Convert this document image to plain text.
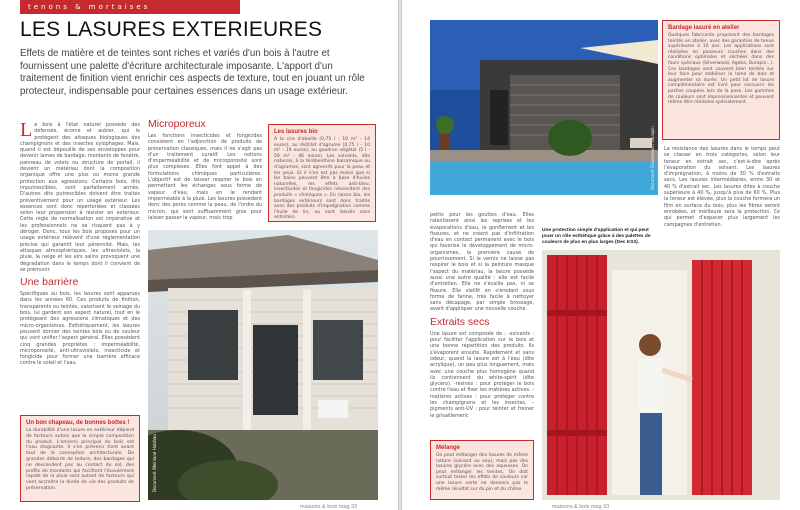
tenons & mortaises
LES LASURES EXTERIEURES

Effets de matière et de teintes sont riches et variés d'un bois à l'autre et fournissent une palette d'écriture architecturale imposante. L'apport d'un traitement de finition vient enrichir ces aspects de texture, tout en jouant un rôle protecteur, indispensable pour certaines essences dans un usage extérieur.

Le bois à l'état naturel possède des défenses, écorce et aubier, qui le protègent des attaques biologiques des champignons et des insectes xylophages. Mais, quand il est dépouillé de ses enveloppes pour devenir lames de bardage, montants de fenêtre, panneau de volets ou structure de portail, il devient un matériau dont la composition organique offre une plus ou moins grande protection aux agressions. Certains bois, dits imputrescibles, sont parfaitement armés. D'autres dits putrescibles doivent être traités préventivement pour un usage extérieur. Les essences sont donc répertoriées et classées selon leur propension à résister en extérieur. Cette règle de normalisation est impérative et les professionnels ne se risquent pas à y déroger. Donc, tous les bois proposés pour un usage extérieur relèvent d'une réglementation précise qui garantit leur pérennité. Mais, les attaques atmosphériques, les ultraviolets, la pluie, la neige et les airs salins provoquent une dégradation dans le temps dont il convient de se prémunir.

Une barrière

Spécifiques au bois, les lasures sont apparues dans les années 60. Ces produits de finition, transparents ou teintés, valorisent le veinage du bois, lui gardent son aspect naturel, tout en le protégeant des agressions climatiques et des micro-organismes. Esthétiquement, les lasures peuvent donner des teintes bois ou de couleur qui vont unifier l'aspect général. Elles possèdent cinq grandes propriétés : imperméabilité, microporosité, anti-ultraviolets, insecticide et fongicide pour former une barrière efficace contre le soleil et l'eau.

Un bon chapeau, de bonnes bottes !

La durabilité d'une lasure en extérieur dépend de facteurs autres que la simple composition du produit. L'ennemi principal du bois est l'eau stagnante. Il s'en prévenir tient avant tout de la conception architecturale. De grandes débords de toiture, des bardages qui ne descendent pas au contact du sol, des profils de montants qui facilitent l'écoulement rapide de la pluie sont autant de facteurs qui vont accroître la durée de vie des produits de préservation.

Microporeux

Les fonctions insecticides et fongicides consistent en l'adjonction de produits de préservation classiques, mais il ne s'agit pas d'un traitement curatif. Les notions d'imperméabilité et de microporosité sont plus complexes. Elles font appel à des formulations chimiques particulières. L'objectif est de laisser respirer le bois en permettant les échanges sous forme de vapeur d'eau, mais en le rendant imperméable à la pluie. Les lasures possèdent donc des pores comme la peau, de l'ordre du micron, qui sont suffisamment gros pour laisser passer la vapeur, mais trop

Les lasures bio

À la cire d'abeille (0,75 l - 10 m² - 14 euros), au distillat d'agrume (0,75 l - 10 m² - 19 euros), au goudron végétal (5 l - 50 m² - 46 euros). Les solvants, dits naturels, à la térébenthine balsamique ou d'agrumes, sont agressifs pour la peau et les yeux. Et il n'en est pas moins que si les bains peuvent être à base d'huiles naturelles, les effets anti-bleu, insecticides et fongicides nécessitent des produits « chimiques ». En raison bio, les bardages extérieurs sont donc traités avec des produits d'imprégnation comme l'huile de lin, ou sont laissés sans entretien.

Document Weinland Holzbau
maisons & bois mag 33
Document Silverwood / Durapin

Bardage lasuré en atelier

Quelques fabricants proposent des bardages teintés en atelier, avec des garanties de tenue supérieures à 10 ans. Les applications sont réalisées en plusieurs couches dans des conditions optimales et séchées dans des fours spéciaux (Silverwood, Ageka, Durapin...). Ces bardages sont souvent bien teintés sur leur face pour stabiliser la lame de bois et augmenter sa durée. Un petit lot de lasure complémentaire est livré pour recouvrir les parties coupées lors de la pose. Les gammes de couleurs sont impressionnantes et peuvent même être réalisées spécialement.

La résistance des lasures dans le temps peut se classer en trois catégories, selon leur teneur en extrait sec, c'est-à-dire après l'évaporation du solvant. Les lasures d'imprégnation, à moins de 30 % d'extraits secs. Les lasures intermédiaires, entre 30 et 40 % d'extrait sec. Les lasures dites à couche supérieure à 40 %, jusqu'à plus de 60 %. Plus la teneur est élevée, plus la couche formera un film en surface du bois, plus les fibres seront enrobées, et meilleure sera la protection. Ce qui permet d'espacer plus largement les campagnes d'entretien.

Une protection simple d'application et qui peut jouer un rôle esthétique grâce à des palettes de couleurs de plus en plus larges (Dec KS3).

petits pour les gouttes d'eau. Elles ralentissent ainsi les reprises et les évaporations d'eau, le gonflement et les fissures, et ne créent pas d'infiltration d'eau en contact permanent avec le bois qui favorise le développement de micro-organismes, la première cause de pourrissement. Si le vernis ne laisse pas respirer le bois et si la peinture masque l'aspect du matériau, la lasure possède aussi une autre qualité : elle est facile d'entretien. Elle ne s'écaille pas, ni se fissure. Elle vieillit en s'érodant sous forme de farine, très facile à nettoyer sans décapage, par simple brossage, avant d'appliquer une nouvelle couche.

Extraits secs

Une lasure est composée de : -solvants : pour faciliter l'application sur le bois et une bonne répartition des produits. Ils s'évaporent ensuite. Rapidement et sans odeur, quand la lasure est à l'eau (dite acrylique), un peu plus longuement, mais avec une couche plus homogène quand ils contiennent du white-spirit (dite glycéro). -résines : pour protéger le bois contre l'eau et fixer les matières actives. -matières actives : pour protéger contre les champignons et les insectes. -pigments anti-UV : pour teinter et freiner le grisaillement.

Mélange

On peut mélanger des lasures de même nature (solvant ou eau), mais pas des lasures glycéro avec des aqueuses. On peut mélanger les teintes. On doit surtout tester les effets de couleurs car une lasure verte ne donnera pas le même résultat sur du pin et du chêne.

maisons & bois mag 33
